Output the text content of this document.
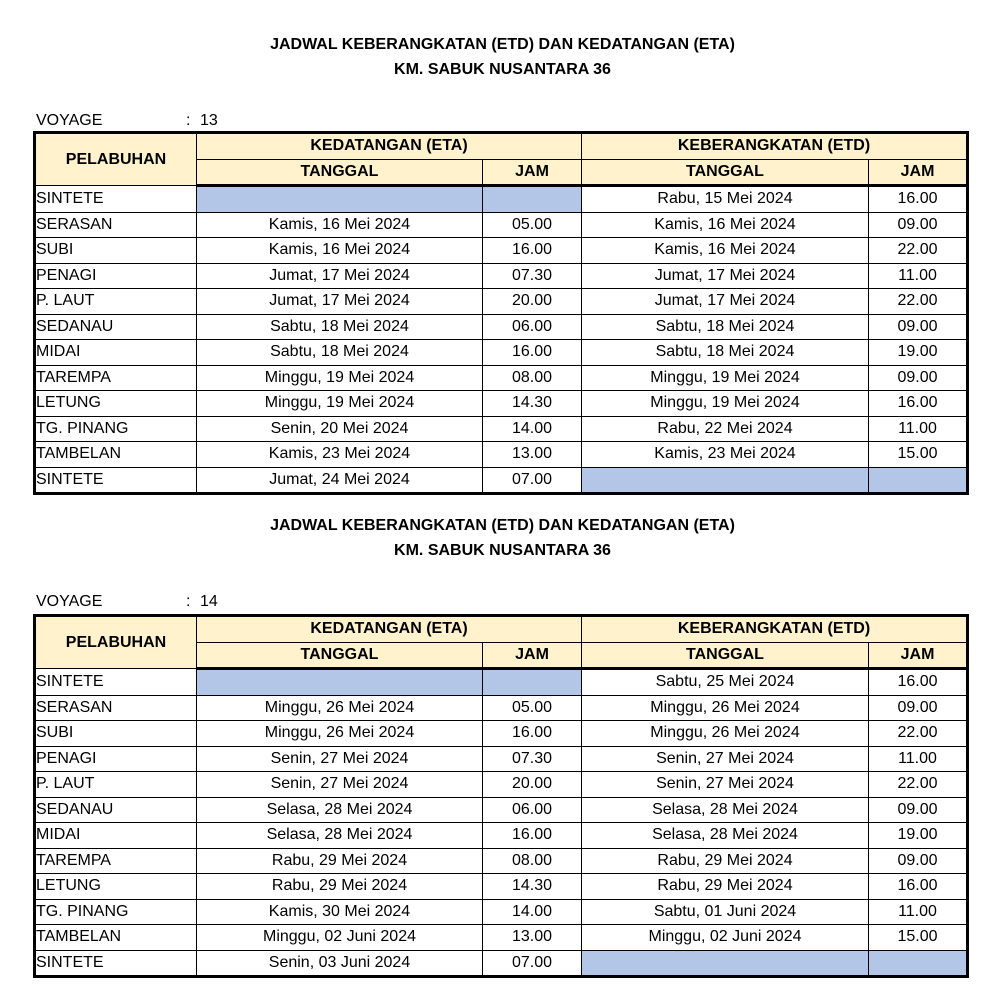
JADWAL KEBERANGKATAN (ETD) DAN KEDATANGAN (ETA)
KM. SABUK NUSANTARA 36
VOYAGE	: 13
PELABUHAN	KEDATANGAN (ETA)		KEBERANGKATAN (ETD)	
	TANGGAL	JAM	TANGGAL	JAM
SINTETE			Rabu, 15 Mei 2024	16.00
SERASAN	Kamis, 16 Mei 2024	05.00	Kamis, 16 Mei 2024	09.00
SUBI	Kamis, 16 Mei 2024	16.00	Kamis, 16 Mei 2024	22.00
PENAGI	Jumat, 17 Mei 2024	07.30	Jumat, 17 Mei 2024	11.00
P. LAUT	Jumat, 17 Mei 2024	20.00	Jumat, 17 Mei 2024	22.00
SEDANAU	Sabtu, 18 Mei 2024	06.00	Sabtu, 18 Mei 2024	09.00
MIDAI	Sabtu, 18 Mei 2024	16.00	Sabtu, 18 Mei 2024	19.00
TAREMPA	Minggu, 19 Mei 2024	08.00	Minggu, 19 Mei 2024	09.00
LETUNG	Minggu, 19 Mei 2024	14.30	Minggu, 19 Mei 2024	16.00
TG. PINANG	Senin, 20 Mei 2024	14.00	Rabu, 22 Mei 2024	11.00
TAMBELAN	Kamis, 23 Mei 2024	13.00	Kamis, 23 Mei 2024	15.00
SINTETE	Jumat, 24 Mei 2024	07.00		
JADWAL KEBERANGKATAN (ETD) DAN KEDATANGAN (ETA)
KM. SABUK NUSANTARA 36
VOYAGE	: 14
PELABUHAN	KEDATANGAN (ETA)		KEBERANGKATAN (ETD)	
	TANGGAL	JAM	TANGGAL	JAM
SINTETE			Sabtu, 25 Mei 2024	16.00
SERASAN	Minggu, 26 Mei 2024	05.00	Minggu, 26 Mei 2024	09.00
SUBI	Minggu, 26 Mei 2024	16.00	Minggu, 26 Mei 2024	22.00
PENAGI	Senin, 27 Mei 2024	07.30	Senin, 27 Mei 2024	11.00
P. LAUT	Senin, 27 Mei 2024	20.00	Senin, 27 Mei 2024	22.00
SEDANAU	Selasa, 28 Mei 2024	06.00	Selasa, 28 Mei 2024	09.00
MIDAI	Selasa, 28 Mei 2024	16.00	Selasa, 28 Mei 2024	19.00
TAREMPA	Rabu, 29 Mei 2024	08.00	Rabu, 29 Mei 2024	09.00
LETUNG	Rabu, 29 Mei 2024	14.30	Rabu, 29 Mei 2024	16.00
TG. PINANG	Kamis, 30 Mei 2024	14.00	Sabtu, 01 Juni 2024	11.00
TAMBELAN	Minggu, 02 Juni 2024	13.00	Minggu, 02 Juni 2024	15.00
SINTETE	Senin, 03 Juni 2024	07.00		
